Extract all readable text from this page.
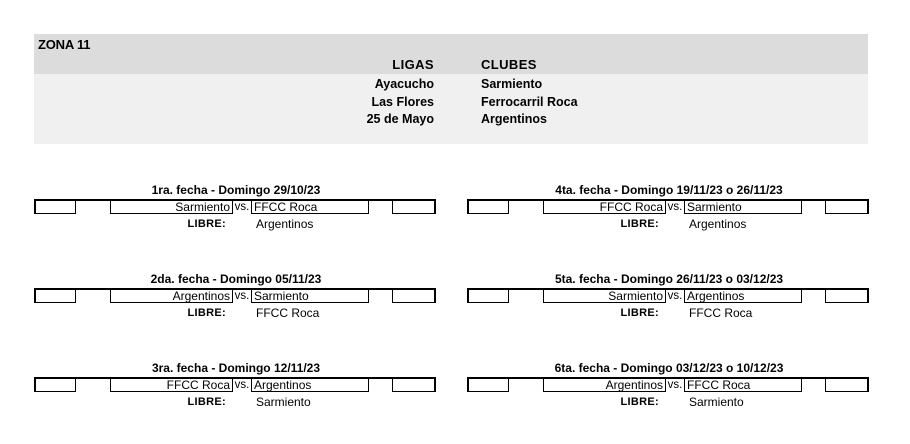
ZONA 11
LIGAS	CLUBES
Ayacucho	Sarmiento
Las Flores	Ferrocarril Roca
25 de Mayo	Argentinos
1ra. fecha - Domingo 29/10/23
Sarmiento vs. FFCC Roca
LIBRE:	Argentinos
2da. fecha - Domingo 05/11/23
Argentinos vs. Sarmiento
LIBRE:	FFCC Roca
3ra. fecha - Domingo 12/11/23
FFCC Roca vs. Argentinos
LIBRE:	Sarmiento
4ta. fecha - Domingo 19/11/23 o 26/11/23
FFCC Roca vs. Sarmiento
LIBRE:	Argentinos
5ta. fecha - Domingo 26/11/23 o 03/12/23
Sarmiento vs. Argentinos
LIBRE:	FFCC Roca
6ta. fecha - Domingo 03/12/23 o 10/12/23
Argentinos vs. FFCC Roca
LIBRE:	Sarmiento
